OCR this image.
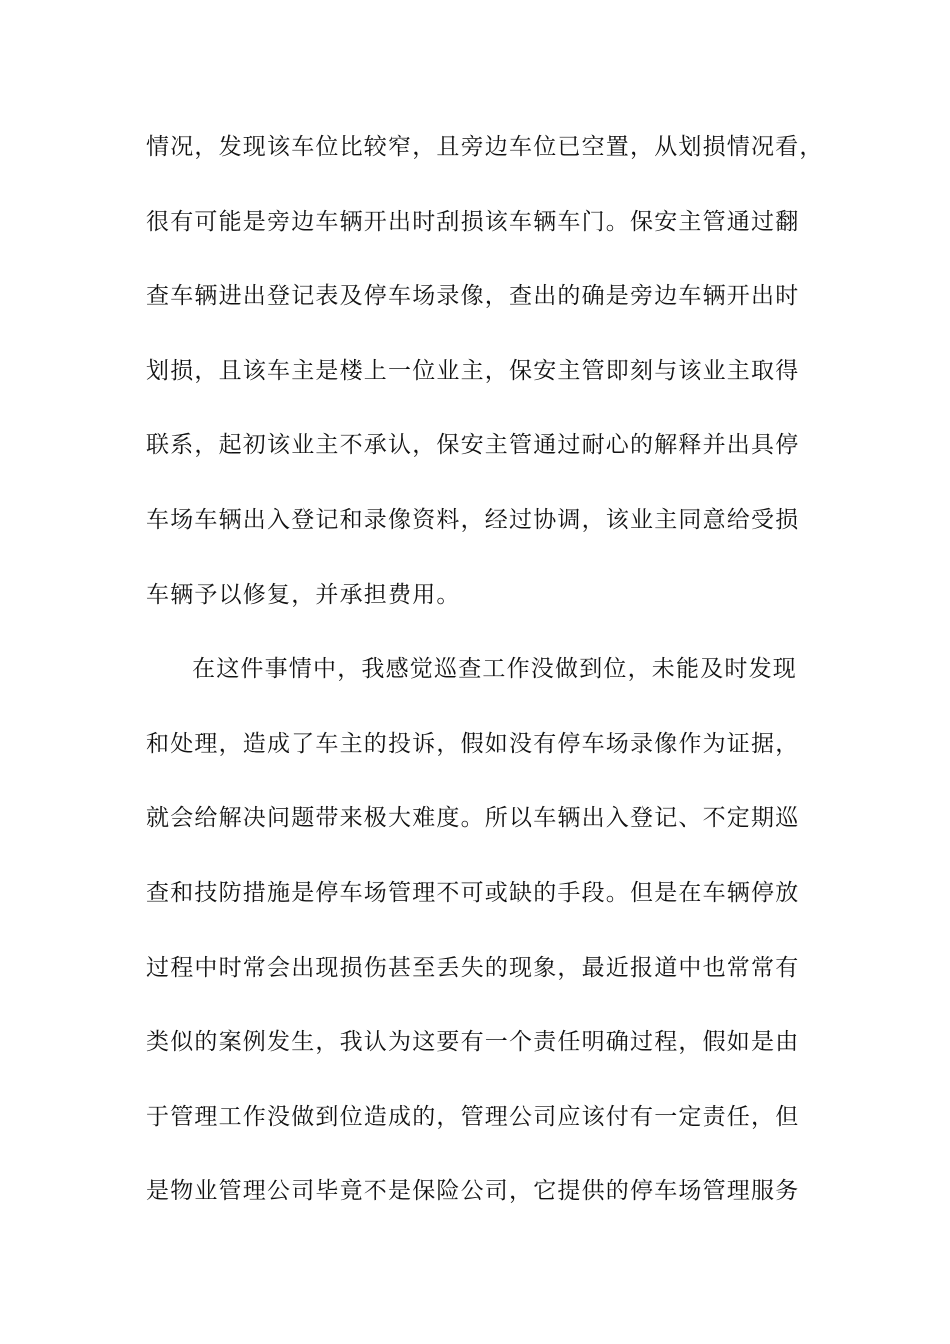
情况，发现该车位比较窄，且旁边车位已空置，从划损情况看，
很有可能是旁边车辆开出时刮损该车辆车门。保安主管通过翻
查车辆进出登记表及停车场录像，查出的确是旁边车辆开出时
划损，且该车主是楼上一位业主，保安主管即刻与该业主取得
联系，起初该业主不承认，保安主管通过耐心的解释并出具停
车场车辆出入登记和录像资料，经过协调，该业主同意给受损
车辆予以修复，并承担费用。
在这件事情中，我感觉巡查工作没做到位，未能及时发现
和处理，造成了车主的投诉，假如没有停车场录像作为证据，
就会给解决问题带来极大难度。所以车辆出入登记、不定期巡
查和技防措施是停车场管理不可或缺的手段。但是在车辆停放
过程中时常会出现损伤甚至丢失的现象，最近报道中也常常有
类似的案例发生，我认为这要有一个责任明确过程，假如是由
于管理工作没做到位造成的，管理公司应该付有一定责任，但
是物业管理公司毕竟不是保险公司，它提供的停车场管理服务
